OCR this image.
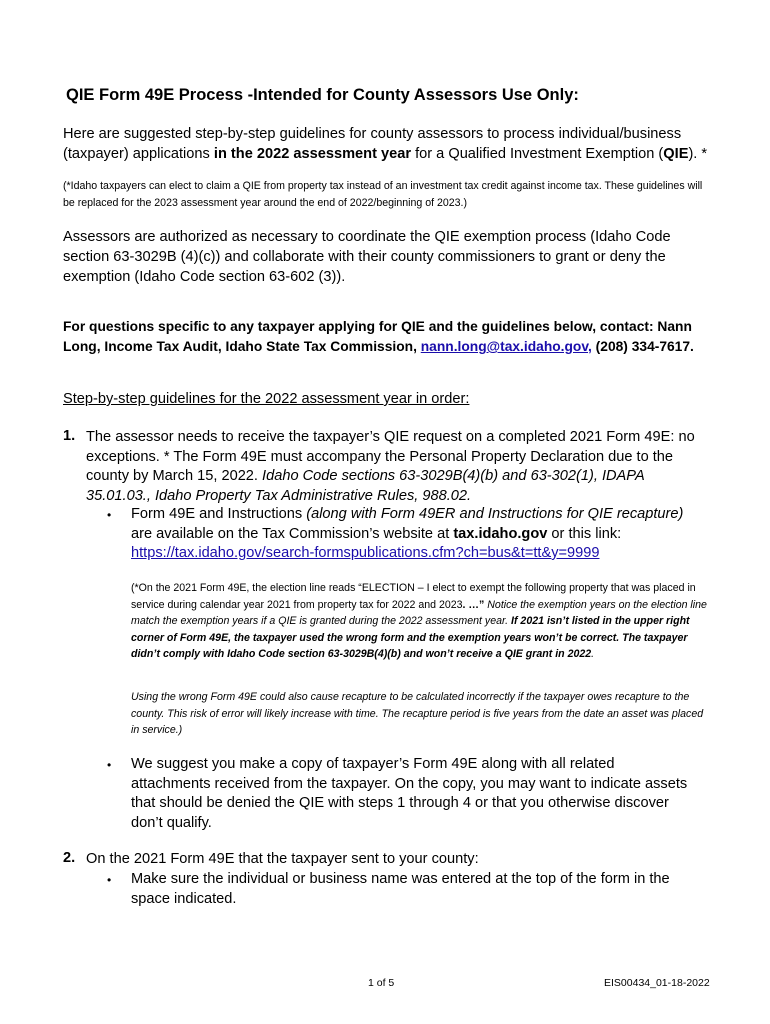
QIE Form 49E Process -Intended for County Assessors Use Only:
Here are suggested step-by-step guidelines for county assessors to process individual/business (taxpayer) applications in the 2022 assessment year for a Qualified Investment Exemption (QIE). *
(*Idaho taxpayers can elect to claim a QIE from property tax instead of an investment tax credit against income tax. These guidelines will be replaced for the 2023 assessment year around the end of 2022/beginning of 2023.)
Assessors are authorized as necessary to coordinate the QIE exemption process (Idaho Code section 63-3029B (4)(c)) and collaborate with their county commissioners to grant or deny the exemption (Idaho Code section 63-602 (3)).
For questions specific to any taxpayer applying for QIE and the guidelines below, contact: Nann Long, Income Tax Audit, Idaho State Tax Commission, nann.long@tax.idaho.gov, (208) 334-7617.
Step-by-step guidelines for the 2022 assessment year in order:
1. The assessor needs to receive the taxpayer’s QIE request on a completed 2021 Form 49E: no exceptions. * The Form 49E must accompany the Personal Property Declaration due to the county by March 15, 2022. Idaho Code sections 63-3029B(4)(b) and 63-302(1), IDAPA 35.01.03., Idaho Property Tax Administrative Rules, 988.02.
• Form 49E and Instructions (along with Form 49ER and Instructions for QIE recapture) are available on the Tax Commission’s website at tax.idaho.gov or this link:
https://tax.idaho.gov/search-formspublications.cfm?ch=bus&t=tt&y=9999
(*On the 2021 Form 49E, the election line reads “ELECTION – I elect to exempt the following property that was placed in service during calendar year 2021 from property tax for 2022 and 2023. …” Notice the exemption years on the election line match the exemption years if a QIE is granted during the 2022 assessment year. If 2021 isn’t listed in the upper right corner of Form 49E, the taxpayer used the wrong form and the exemption years won’t be correct. The taxpayer didn’t comply with Idaho Code section 63-3029B(4)(b) and won’t receive a QIE grant in 2022.
Using the wrong Form 49E could also cause recapture to be calculated incorrectly if the taxpayer owes recapture to the county. This risk of error will likely increase with time. The recapture period is five years from the date an asset was placed in service.)
• We suggest you make a copy of taxpayer’s Form 49E along with all related attachments received from the taxpayer. On the copy, you may want to indicate assets that should be denied the QIE with steps 1 through 4 or that you otherwise discover don’t qualify.
2. On the 2021 Form 49E that the taxpayer sent to your county:
• Make sure the individual or business name was entered at the top of the form in the space indicated.
1 of 5	EIS00434_01-18-2022
